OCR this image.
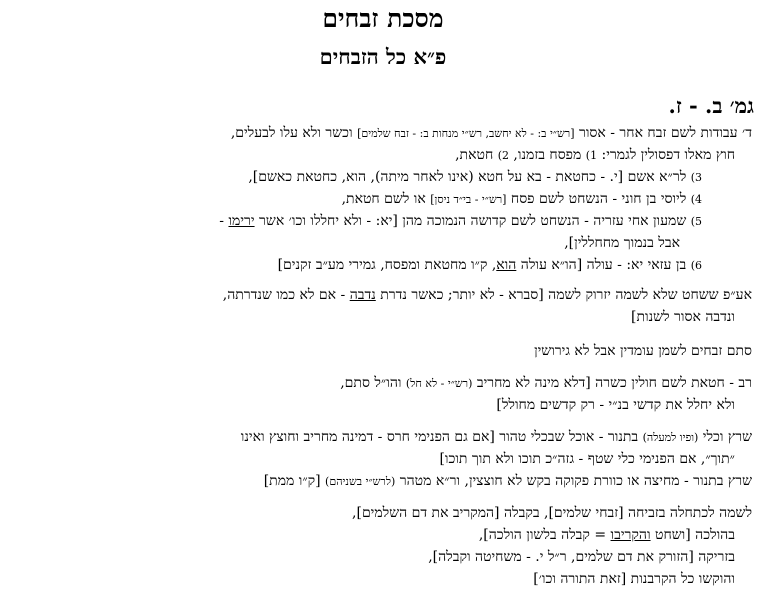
מסכת זבחים
פ״א כל הזבחים
גמ׳ ב. - ז.
ד׳ עבודות לשם זבח אחר - אסור [רש״י ב: - לא יחשב, רש״י מנחות ב: - זבח שלמים] וכשר ולא עלו לבעלים,
חוץ מאלו דפסולין לגמרי: 1) מפסח בזמנו, 2) חטאת,
3) לר״א אשם [י. - כחטאת - בא על חטא (אינו לאחר מיתה), הוא, כחטאת כאשם],
4) ליוסי בן חוני - הנשחט לשם פסח [רש״י - בי״ד ניסן] או לשם חטאת,
5) שמעון אחי עזריה - הנשחט לשם קדושה הנמוכה מהן [יא: - ולא יחללו וכו׳ אשר ירימו -
אבל בנמוך מחחללין],
6) בן עזאי יא: - עולה [הו״א עולה הוא, ק״ו מחטאת ומפסח, גמירי מע״ב זקנים]
אע״פ ששחט שלא לשמה יזרוק לשמה [סברא - לא יותר; כאשר נדרת נדבה - אם לא כמו שנדרתה,
ונדבה אסור לשנות]
סתם זבחים לשמן עומדין אבל לא גירושין
רב - חטאת לשם חולין כשרה [דלא מינה לא מחריב (רש״י - לא חל) והו״ל סתם,
ולא יחלל את קדשי בנ״י - רק קדשים מחולל]
שרץ וכלי (ופיו למעלה) בתנור - אוכל שבכלי טהור [אם גם הפנימי חרס - דמינה מחריב וחוצץ ואינו
״תוך״, אם הפנימי כלי שטף - גזה״כ תוכו ולא תוך תוכו]
שרץ בתנור - מחיצה או כוורת פקוקה בקש לא חוצצין, ור״א מטהר (לרש״י בשניהם) [ק״ו ממת]
לשמה לכתחלה בזביחה [זבחי שלמים], בקבלה [המקריב את דם השלמים],
בהולכה [ושחט והקריבו = קבלה בלשון הולכה],
בזריקה [הזורק את דם שלמים, ר״ל י. - משחיטה וקבלה],
והוקשו כל הקרבנות [זאת התורה וכו׳]
